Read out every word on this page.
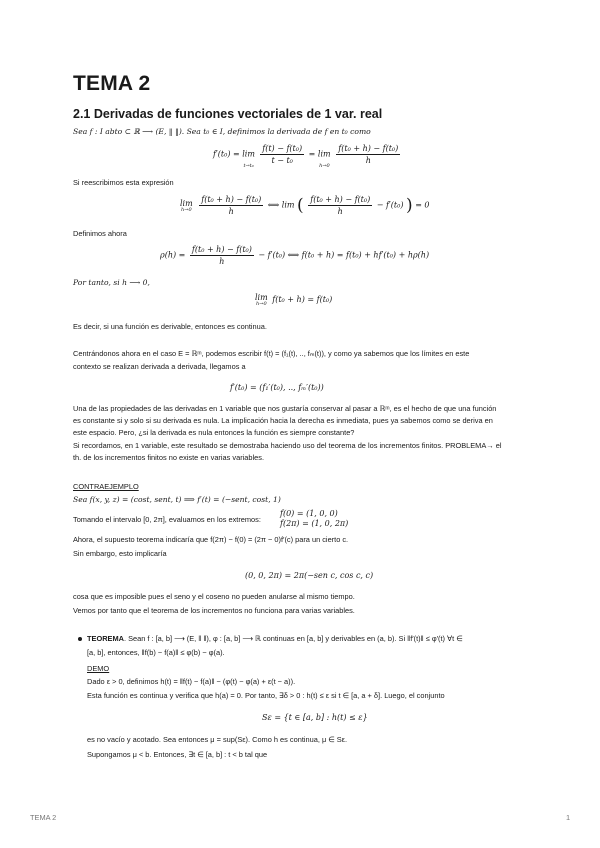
TEMA 2
2.1 Derivadas de funciones vectoriales de 1 var. real
Sea f : I abto ⊂ ℝ ⟶ (E, ‖ ‖). Sea t₀ ∈ I, definimos la derivada de f en t₀ como
f′(t₀) = lim
t→t₀

$\frac{\text{f(t) − f(t₀)}}{\text{t − t₀}} = \lim$
h→0

$\frac{\text{f(t₀ + h) − f(t₀)}}{h}$
Si reescribimos esta expresión
lim
h→0
$\frac{\text{f(t₀ + h) − f(t₀)}}{h}$ ⟺ lim ( $\frac{\text{f(t₀ + h) − f(t₀)}}{h} - f'(t_0)$ ) = 0
Definimos ahora
$\rho(h) = \frac{\text{f(t₀ + h) − f(t₀)}}{h} - f'(t_0)$ ⟺ f(t₀ + h) = f(t₀) + hf′(t₀) + hρ(h)
Por tanto, si h ⟶ 0,
lim
h→0 f(t₀ + h) = f(t₀)
Es decir, si una función es derivable, entonces es continua.
Centrándonos ahora en el caso E = ℝᵐ, podemos escribir f(t) = (f₁(t), .., fₘ(t)), y como ya sabemos que los límites en este
contexto se realizan derivada a derivada, llegamos a
f′(t₀) = (f₁′(t₀), .., fₘ′(t₀))
Una de las propiedades de las derivadas en 1 variable que nos gustaría conservar al pasar a ℝᵐ, es el hecho de que una función
es constante si y solo si su derivada es nula. La implicación hacia la derecha es inmediata, pues ya sabemos como se deriva en
este espacio. Pero, ¿si la derivada es nula entonces la función es siempre constante?
Si recordamos, en 1 variable, este resultado se demostraba haciendo uso del teorema de los incrementos finitos. PROBLEMA→ el
th. de los incrementos finitos no existe en varias variables.
CONTRAEJEMPLO
Sea f(x, y, z) = (cost, sent, t) ⟹ f′(t) = (−sent, cost, 1)
Tomando el intervalo [0, 2π], evaluamos en los extremos:
f(0) = (1, 0, 0)
f(2π) = (1, 0, 2π)
Ahora, el supuesto teorema indicaría que f(2π) − f(0) = (2π − 0)f′(c) para un cierto c.
Sin embargo, esto implicaría
(0, 0, 2π) = 2π(−sen c, cos c, c)
cosa que es imposible pues el seno y el coseno no pueden anularse al mismo tiempo.
Vemos por tanto que el teorema de los incrementos no funciona para varias variables.
TEOREMA. Sean f : [a, b] ⟶ (E, ‖ ‖), φ : [a, b] ⟶ ℝ continuas en [a, b] y derivables en (a, b). Si ‖f′(t)‖ ≤ φ′(t) ∀t ∈
[a, b], entonces, ‖f(b) − f(a)‖ ≤ φ(b) − φ(a).
DEMO
Dado ε > 0, definimos h(t) = ‖f(t) − f(a)‖ − (φ(t) − φ(a) + ε(t − a)).
Esta función es continua y verifica que h(a) = 0. Por tanto, ∃δ > 0 : h(t) ≤ ε si t ∈ [a, a + δ]. Luego, el conjunto
Sε = {t ∈ [a, b] : h(t) ≤ ε}
es no vacío y acotado. Sea entonces μ = sup(Sε). Como h es continua, μ ∈ Sε.
Supongamos μ < b. Entonces, ∃t ∈ [a, b] : t < b tal que
TEMA 2	1
